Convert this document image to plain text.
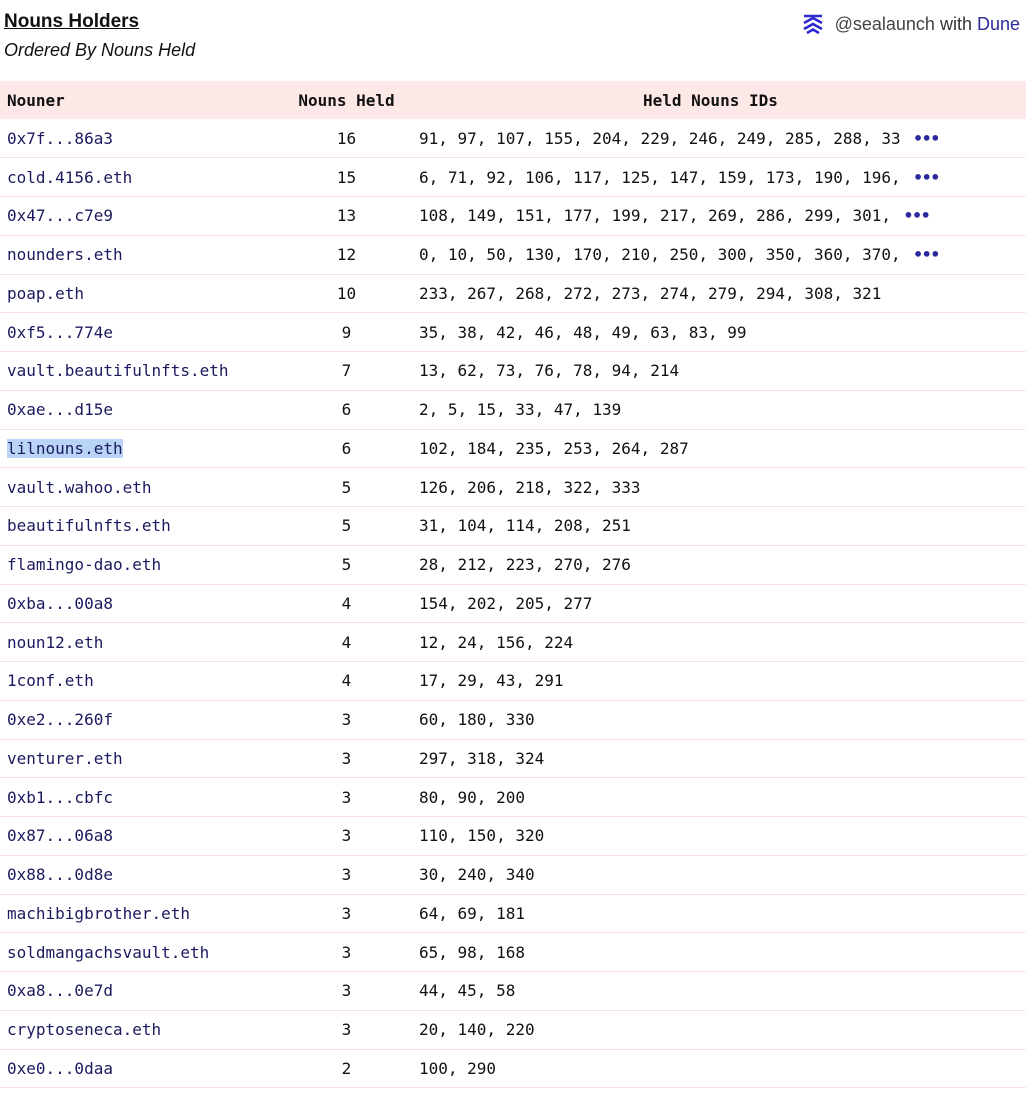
Nouns Holders
Ordered By Nouns Held
@sealaunch with Dune
Nouner	Nouns Held	Held Nouns IDs
0x7f...86a3	16	91, 97, 107, 155, 204, 229, 246, 249, 285, 288, 33 •••
cold.4156.eth	15	6, 71, 92, 106, 117, 125, 147, 159, 173, 190, 196, •••
0x47...c7e9	13	108, 149, 151, 177, 199, 217, 269, 286, 299, 301, •••
nounders.eth	12	0, 10, 50, 130, 170, 210, 250, 300, 350, 360, 370, •••
poap.eth	10	233, 267, 268, 272, 273, 274, 279, 294, 308, 321
0xf5...774e	9	35, 38, 42, 46, 48, 49, 63, 83, 99
vault.beautifulnfts.eth	7	13, 62, 73, 76, 78, 94, 214
0xae...d15e	6	2, 5, 15, 33, 47, 139
lilnouns.eth	6	102, 184, 235, 253, 264, 287
vault.wahoo.eth	5	126, 206, 218, 322, 333
beautifulnfts.eth	5	31, 104, 114, 208, 251
flamingo-dao.eth	5	28, 212, 223, 270, 276
0xba...00a8	4	154, 202, 205, 277
noun12.eth	4	12, 24, 156, 224
1conf.eth	4	17, 29, 43, 291
0xe2...260f	3	60, 180, 330
venturer.eth	3	297, 318, 324
0xb1...cbfc	3	80, 90, 200
0x87...06a8	3	110, 150, 320
0x88...0d8e	3	30, 240, 340
machibigbrother.eth	3	64, 69, 181
soldmangachsvault.eth	3	65, 98, 168
0xa8...0e7d	3	44, 45, 58
cryptoseneca.eth	3	20, 140, 220
0xe0...0daa	2	100, 290
